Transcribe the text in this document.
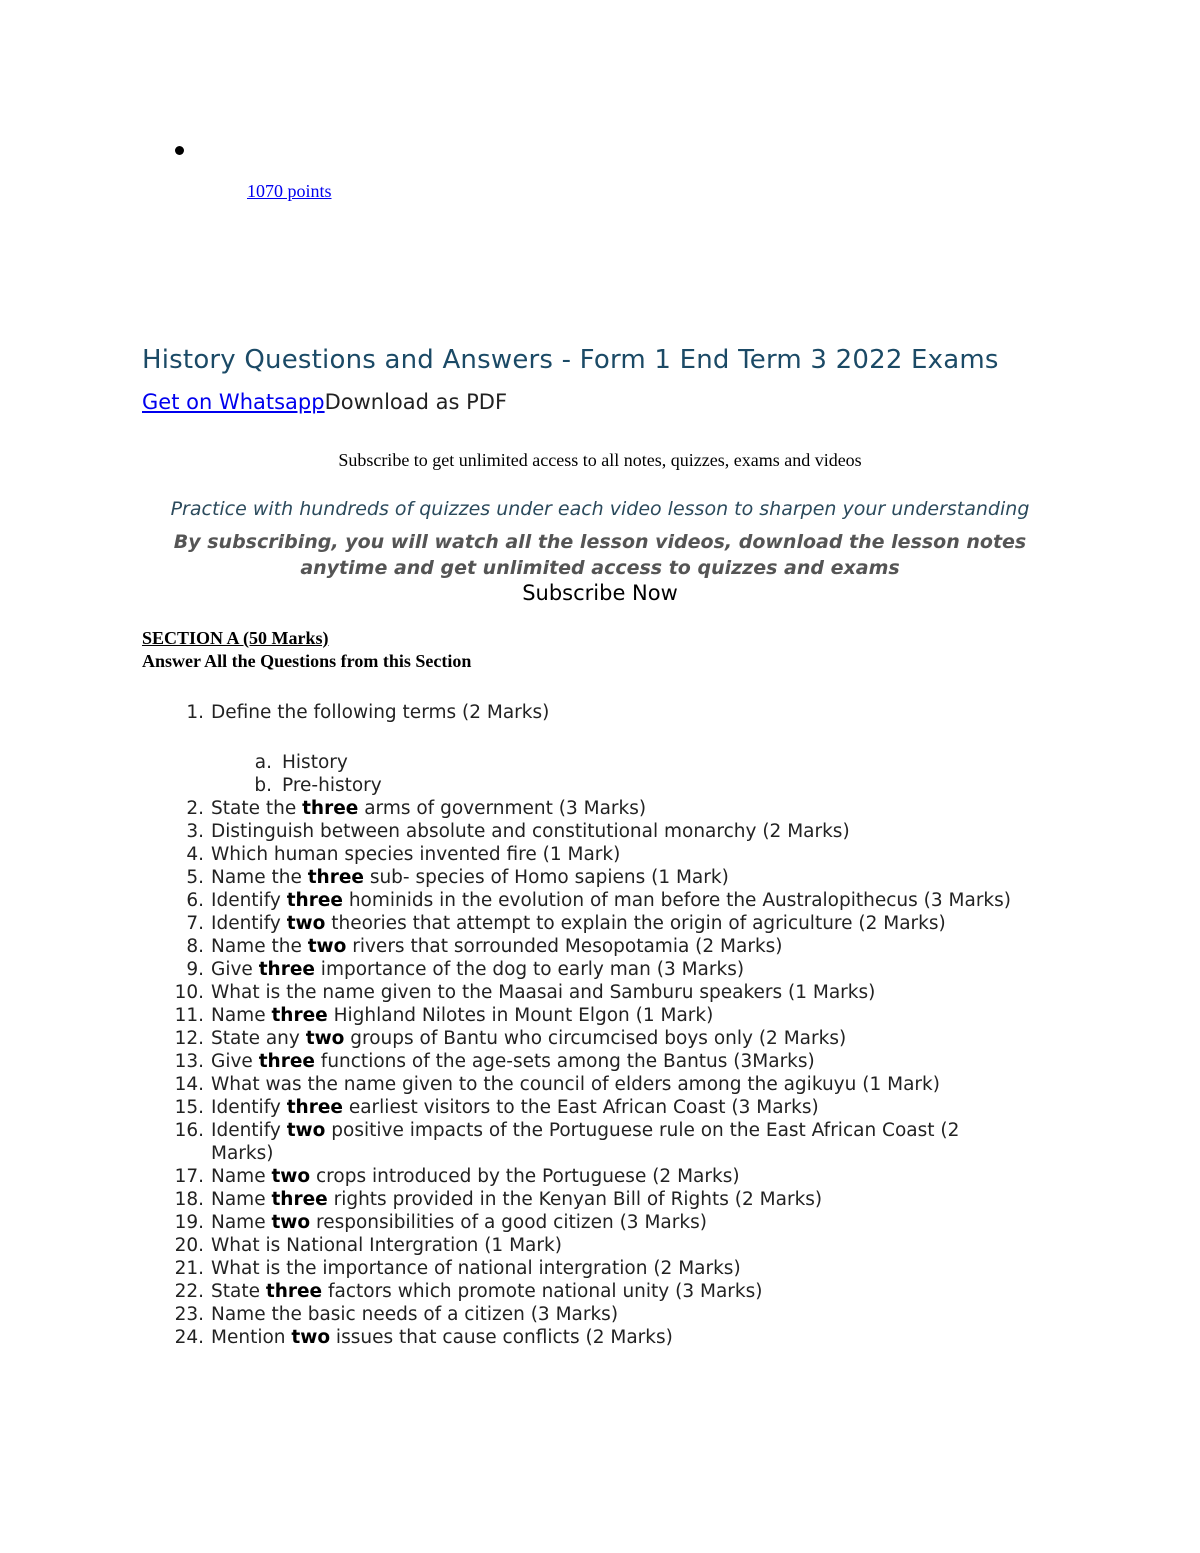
1070 points
History Questions and Answers - Form 1 End Term 3 2022 Exams
Get on WhatsappDownload as PDF
Subscribe to get unlimited access to all notes, quizzes, exams and videos
Practice with hundreds of quizzes under each video lesson to sharpen your understanding
By subscribing, you will watch all the lesson videos, download the lesson notes anytime and get unlimited access to quizzes and exams
Subscribe Now
SECTION A (50 Marks)
Answer All the Questions from this Section
1. Define the following terms (2 Marks)
a. History
b. Pre-history
2. State the three arms of government (3 Marks)
3. Distinguish between absolute and constitutional monarchy (2 Marks)
4. Which human species invented fire (1 Mark)
5. Name the three sub- species of Homo sapiens (1 Mark)
6. Identify three hominids in the evolution of man before the Australopithecus (3 Marks)
7. Identify two theories that attempt to explain the origin of agriculture (2 Marks)
8. Name the two rivers that sorrounded Mesopotamia (2 Marks)
9. Give three importance of the dog to early man (3 Marks)
10. What is the name given to the Maasai and Samburu speakers (1 Marks)
11. Name three Highland Nilotes in Mount Elgon (1 Mark)
12. State any two groups of Bantu who circumcised boys only (2 Marks)
13. Give three functions of the age-sets among the Bantus (3Marks)
14. What was the name given to the council of elders among the agikuyu (1 Mark)
15. Identify three earliest visitors to the East African Coast (3 Marks)
16. Identify two positive impacts of the Portuguese rule on the East African Coast (2 Marks)
17. Name two crops introduced by the Portuguese (2 Marks)
18. Name three rights provided in the Kenyan Bill of Rights (2 Marks)
19. Name two responsibilities of a good citizen (3 Marks)
20. What is National Intergration (1 Mark)
21. What is the importance of national intergration (2 Marks)
22. State three factors which promote national unity (3 Marks)
23. Name the basic needs of a citizen (3 Marks)
24. Mention two issues that cause conflicts (2 Marks)
